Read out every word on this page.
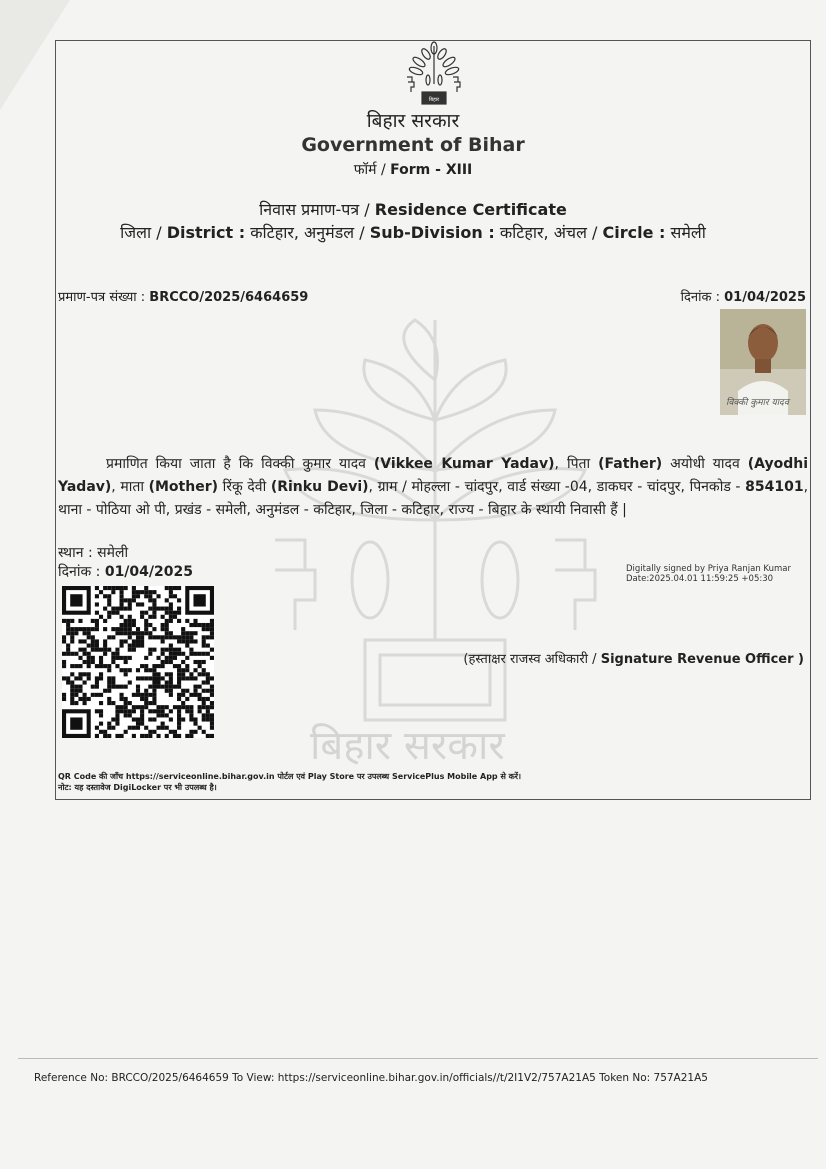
बिहार सरकार
बिहार
बिहार सरकार
Government of Bihar
फॉर्म / Form - XIII
निवास प्रमाण-पत्र / Residence Certificate
जिला / District : कटिहार, अनुमंडल / Sub-Division : कटिहार, अंचल / Circle : समेली
प्रमाण-पत्र संख्या : BRCCO/2025/6464659	दिनांक : 01/04/2025
विक्की कुमार यादव
प्रमाणित किया जाता है कि विक्की कुमार यादव (Vikkee Kumar Yadav), पिता (Father) अयोधी यादव (Ayodhi Yadav), माता (Mother) रिंकू देवी (Rinku Devi), ग्राम / मोहल्ला - चांदपुर, वार्ड संख्या -04, डाकघर - चांदपुर, पिनकोड - 854101, थाना - पोठिया ओ पी, प्रखंड - समेली, अनुमंडल - कटिहार, जिला - कटिहार, राज्य - बिहार के स्थायी निवासी हैं |
स्थान : समेली
दिनांक : 01/04/2025	Digitally signed by Priya Ranjan Kumar
Date:2025.04.01 11:59:25 +05:30
(हस्ताक्षर राजस्व अधिकारी / Signature Revenue Officer )
QR Code की जाँच https://serviceonline.bihar.gov.in पोर्टल एवं Play Store पर उपलब्ध ServicePlus Mobile App से करें।
नोट: यह दस्तावेज DigiLocker पर भी उपलब्ध है।
Reference No: BRCCO/2025/6464659 To View: https://serviceonline.bihar.gov.in/officials//t/2I1V2/757A21A5 Token No: 757A21A5
